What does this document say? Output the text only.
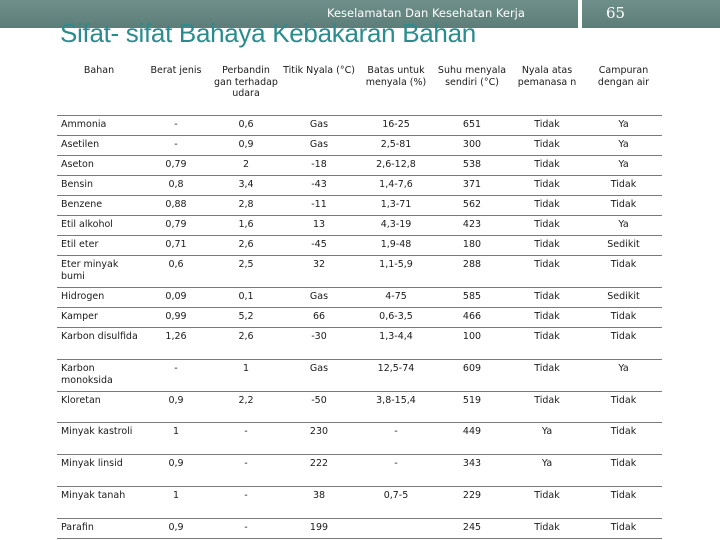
Keselamatan Dan Kesehatan Kerja	65
Sifat- sifat Bahaya Kebakaran Bahan
Bahan	Berat jenis	Perbandin gan terhadap udara	Titik Nyala (°C)	Batas untuk menyala (%)	Suhu menyala sendiri (°C)	Nyala atas pemanasa n	Campuran dengan air
Ammonia	-	0,6	Gas	16-25	651	Tidak	Ya
Asetilen	-	0,9	Gas	2,5-81	300	Tidak	Ya
Aseton	0,79	2	-18	2,6-12,8	538	Tidak	Ya
Bensin	0,8	3,4	-43	1,4-7,6	371	Tidak	Tidak
Benzene	0,88	2,8	-11	1,3-71	562	Tidak	Tidak
Etil alkohol	0,79	1,6	13	4,3-19	423	Tidak	Ya
Etil eter	0,71	2,6	-45	1,9-48	180	Tidak	Sedikit
Eter minyak bumi	0,6	2,5	32	1,1-5,9	288	Tidak	Tidak
Hidrogen	0,09	0,1	Gas	4-75	585	Tidak	Sedikit
Kamper	0,99	5,2	66	0,6-3,5	466	Tidak	Tidak
Karbon disulfida	1,26	2,6	-30	1,3-4,4	100	Tidak	Tidak
Karbon monoksida	-	1	Gas	12,5-74	609	Tidak	Ya
Kloretan	0,9	2,2	-50	3,8-15,4	519	Tidak	Tidak
Minyak kastroli	1	-	230	-	449	Ya	Tidak
Minyak linsid	0,9	-	222	-	343	Ya	Tidak
Minyak tanah	1	-	38	0,7-5	229	Tidak	Tidak
Parafin	0,9	-	199		245	Tidak	Tidak
